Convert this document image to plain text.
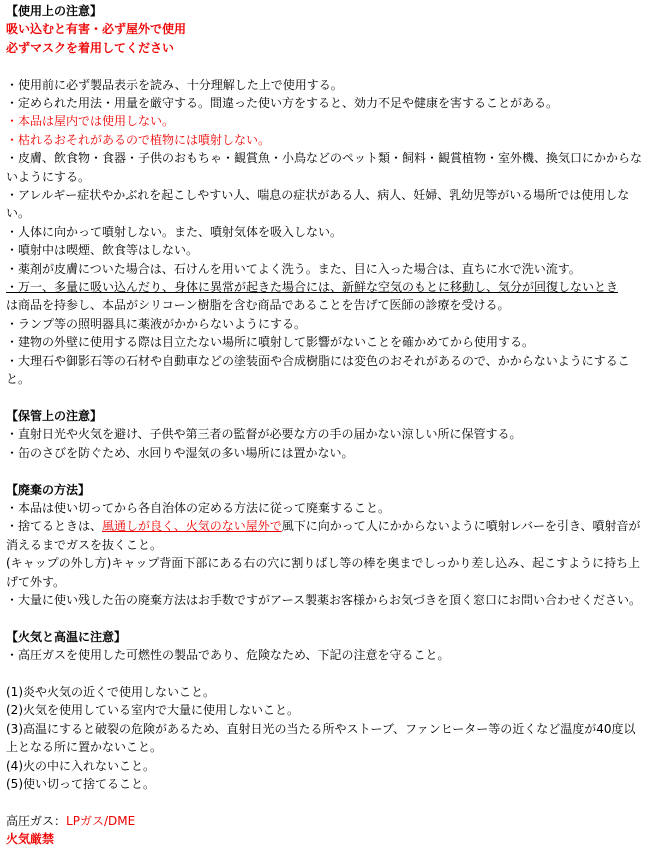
【使用上の注意】
吸い込むと有害・必ず屋外で使用
必ずマスクを着用してください
・使用前に必ず製品表示を読み、十分理解した上で使用する。
・定められた用法・用量を厳守する。間違った使い方をすると、効力不足や健康を害することがある。
・本品は屋内では使用しない。
・枯れるおそれがあるので植物には噴射しない。
・皮膚、飲食物・食器・子供のおもちゃ・観賞魚・小鳥などのペット類・飼料・観賞植物・室外機、換気口にかからないようにする。
・アレルギー症状やかぶれを起こしやすい人、喘息の症状がある人、病人、妊婦、乳幼児等がいる場所では使用しない。
・人体に向かって噴射しない。また、噴射気体を吸入しない。
・噴射中は喫煙、飲食等はしない。
・薬剤が皮膚についた場合は、石けんを用いてよく洗う。また、目に入った場合は、直ちに水で洗い流す。
・万一、多量に吸い込んだり、身体に異常が起きた場合には、新鮮な空気のもとに移動し、気分が回復しないとき
は商品を持参し、本品がシリコーン樹脂を含む商品であることを告げて医師の診療を受ける。
・ランプ等の照明器具に薬液がかからないようにする。
・建物の外壁に使用する際は目立たない場所に噴射して影響がないことを確かめてから使用する。
・大理石や御影石等の石材や自動車などの塗装面や合成樹脂には変色のおそれがあるので、かからないようにすること。
【保管上の注意】
・直射日光や火気を避け、子供や第三者の監督が必要な方の手の届かない涼しい所に保管する。
・缶のさびを防ぐため、水回りや湿気の多い場所には置かない。
【廃棄の方法】
・本品は使い切ってから各自治体の定める方法に従って廃棄すること。
・捨てるときは、風通しが良く、火気のない屋外で風下に向かって人にかからないように噴射レバーを引き、噴射音が消えるまでガスを抜くこと。
(キャップの外し方)キャップ背面下部にある右の穴に割りばし等の棒を奥までしっかり差し込み、起こすように持ち上げて外す。
・大量に使い残した缶の廃棄方法はお手数ですがアース製薬お客様からお気づきを頂く窓口にお問い合わせください。
【火気と高温に注意】
・高圧ガスを使用した可燃性の製品であり、危険なため、下記の注意を守ること。
(1)炎や火気の近くで使用しないこと。
(2)火気を使用している室内で大量に使用しないこと。
(3)高温にすると破裂の危険があるため、直射日光の当たる所やストーブ、ファンヒーター等の近くなど温度が40度以上となる所に置かないこと。
(4)火の中に入れないこと。
(5)使い切って捨てること。
高圧ガス：LPガス/DME
火気厳禁
